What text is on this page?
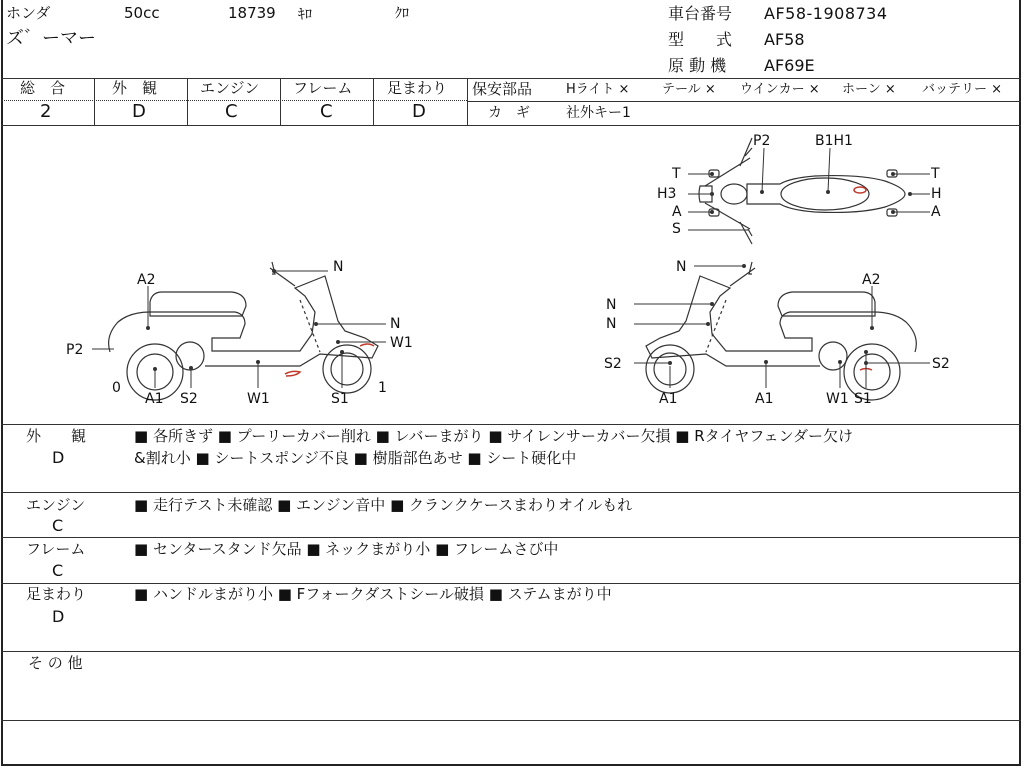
ホンダ	50cc	18739 ｷﾛ	ｸﾛ
ズ゛ーマー
車台番号 AF58-1908734
型　　式 AF58
原 動 機 AF69E
総　合
2
外　観
D
エンジン
C
フレーム
C
足まわり
D
保安部品	Hライト ×	テール × ウインカー × ホーン × バッテリー ×
カ　ギ	社外キー1
P2	B1H1
T	T
H3	H
A	A
S
N
A2
N
W1
P2
0
A1 S2	W1	S1
1
N
A2
N
N
S2	S2
A1	A1	W1 S1
外　　観
D
■ 各所きず ■ プーリーカバー削れ ■ レバーまがり ■ サイレンサーカバー欠損 ■ Rタイヤフェンダー欠け
&割れ小 ■ シートスポンジ不良 ■ 樹脂部色あせ ■ シート硬化中
エンジン
C
■ 走行テスト未確認 ■ エンジン音中 ■ クランクケースまわりオイルもれ
フレーム
C
■ センタースタンド欠品 ■ ネックまがり小 ■ フレームさび中
足まわり
D
■ ハンドルまがり小 ■ Fフォークダストシール破損 ■ ステムまがり中
そ の 他
